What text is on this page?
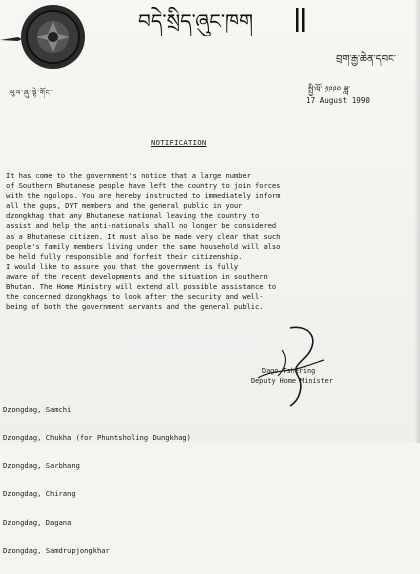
ཕུལ་ཞུ་སྟེ་གོང་
བདེ་སྲིད་ཞུང་ཁག
བྲག་རྒྱ་ཆེན་དབང་
སྤྱི་ལོ་ ༡༩༩༠ ཟླ་
17 August 1990
NOTIFICATION
It has come to the government's notice that a large number
of Southern Bhutanese people have left the country to join forces
with the ngolops. You are hereby instructed to immediately inform
all the gups, DYT members and the general public in your
dzongkhag that any Bhutanese national leaving the country to
assist and help the anti-nationals shall no longer be considered
as a Bhutanese citizen. It must also be made very clear that such
people's family members living under the same household will also
be held fully responsible and forfeit their citizenship.
I would like to assure you that the government is fully
aware of the recent developments and the situation in southern
Bhutan. The Home Ministry will extend all possible assistance to
the concerned dzongkhags to look after the security and well-
being of both the government servants and the general public.
Dago Tshering
Deputy Home Minister

Dzongdag, Samchi

Dzongdag, Chukha (for Phuntsholing Dungkhag)

Dzongdag, Sarbhang

Dzongdag, Chirang

Dzongdag, Dagana

Dzongdag, Samdrupjongkhar
